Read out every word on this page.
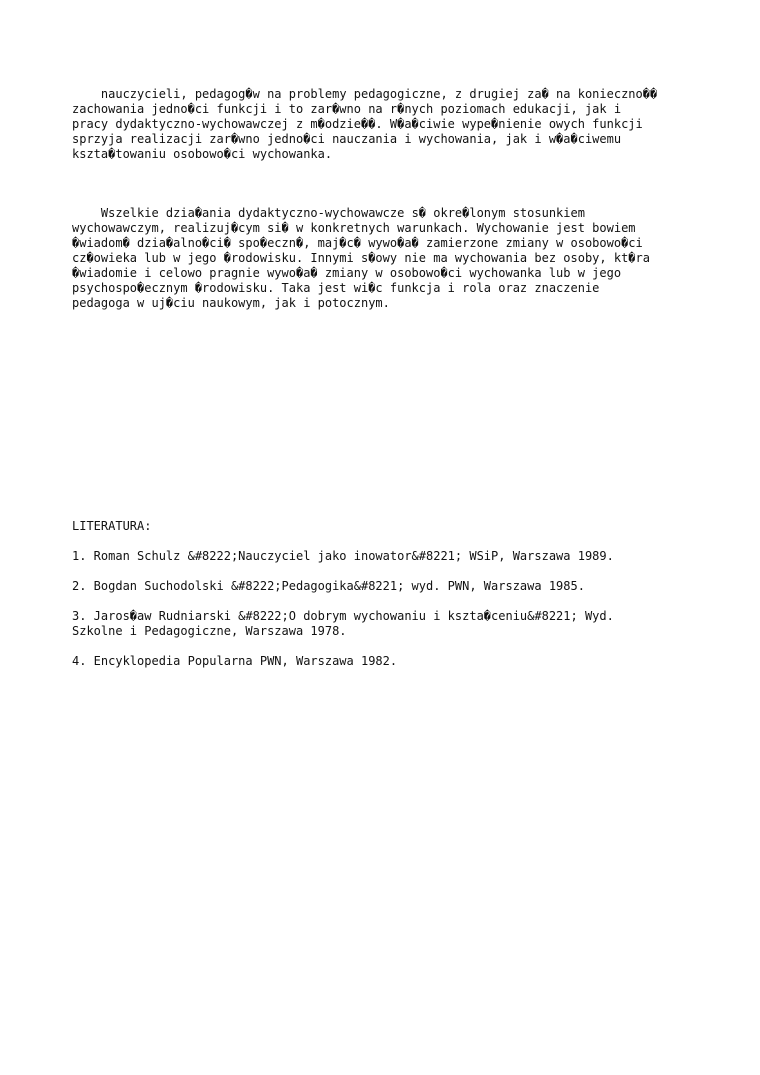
nauczycieli, pedagog�w na problemy pedagogiczne, z drugiej za� na konieczno��
zachowania jedno�ci funkcji i to zar�wno na r�nych poziomach edukacji, jak i
pracy dydaktyczno-wychowawczej z m�odzie��. W�a�ciwie wype�nienie owych funkcji
sprzyja realizacji zar�wno jedno�ci nauczania i wychowania, jak i w�a�ciwemu
kszta�towaniu osobowo�ci wychowanka.

Wszelkie dzia�ania dydaktyczno-wychowawcze s� okre�lonym stosunkiem
wychowawczym, realizuj�cym si� w konkretnych warunkach. Wychowanie jest bowiem
�wiadom� dzia�alno�ci� spo�eczn�, maj�c� wywo�a� zamierzone zmiany w osobowo�ci
cz�owieka lub w jego �rodowisku. Innymi s�owy nie ma wychowania bez osoby, kt�ra
�wiadomie i celowo pragnie wywo�a� zmiany w osobowo�ci wychowanka lub w jego
psychospo�ecznym �rodowisku. Taka jest wi�c funkcja i rola oraz znaczenie
pedagoga w uj�ciu naukowym, jak i potocznym.

LITERATURA:

1. Roman Schulz &#8222;Nauczyciel jako inowator&#8221; WSiP, Warszawa 1989.

2. Bogdan Suchodolski &#8222;Pedagogika&#8221; wyd. PWN, Warszawa 1985.

3. Jaros�aw Rudniarski &#8222;O dobrym wychowaniu i kszta�ceniu&#8221; Wyd.
Szkolne i Pedagogiczne, Warszawa 1978.

4. Encyklopedia Popularna PWN, Warszawa 1982.
